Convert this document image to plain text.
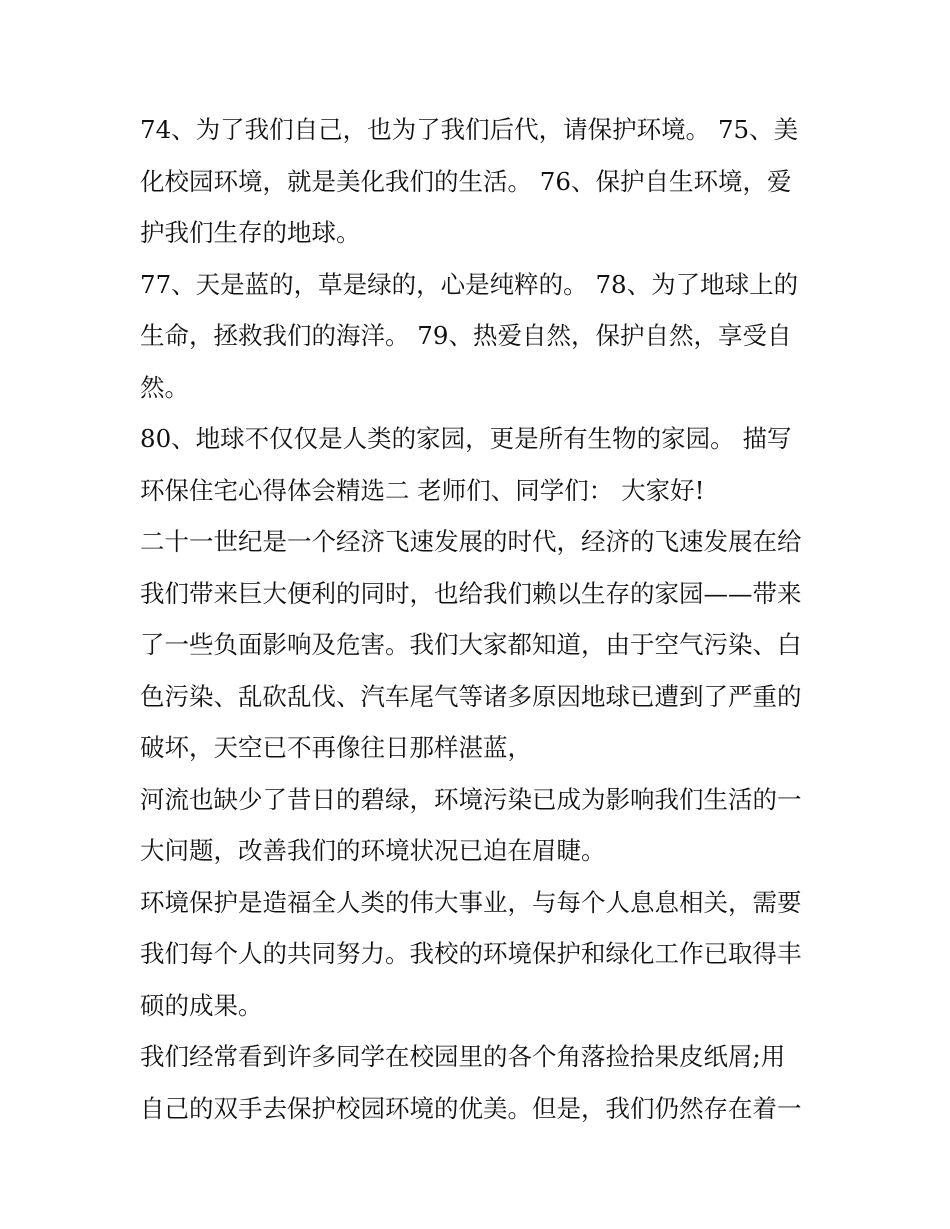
74、为了我们自己，也为了我们后代，请保护环境。 75、美
化校园环境，就是美化我们的生活。 76、保护自生环境，爱
护我们生存的地球。

77、天是蓝的，草是绿的，心是纯粹的。 78、为了地球上的
生命，拯救我们的海洋。 79、热爱自然，保护自然，享受自
然。

80、地球不仅仅是人类的家园，更是所有生物的家园。 描写
环保住宅心得体会精选二 老师们、同学们： 大家好!

二十一世纪是一个经济飞速发展的时代，经济的飞速发展在给
我们带来巨大便利的同时，也给我们赖以生存的家园——带来
了一些负面影响及危害。我们大家都知道，由于空气污染、白
色污染、乱砍乱伐、汽车尾气等诸多原因地球已遭到了严重的
破坏，天空已不再像往日那样湛蓝，

河流也缺少了昔日的碧绿，环境污染已成为影响我们生活的一
大问题，改善我们的环境状况已迫在眉睫。

环境保护是造福全人类的伟大事业，与每个人息息相关，需要
我们每个人的共同努力。我校的环境保护和绿化工作已取得丰
硕的成果。

我们经常看到许多同学在校园里的各个角落捡拾果皮纸屑;用
自己的双手去保护校园环境的优美。但是，我们仍然存在着一
